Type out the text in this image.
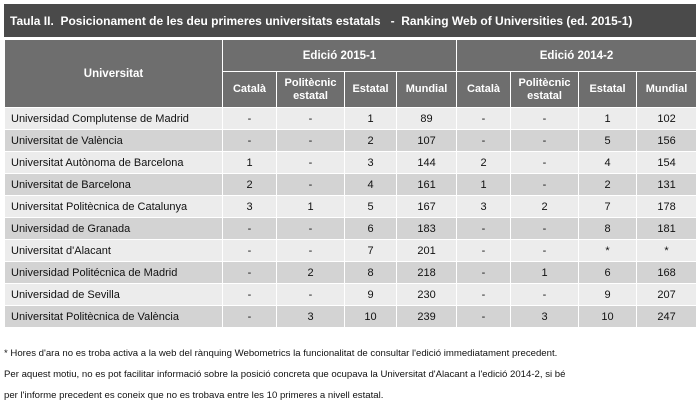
Taula II.  Posicionament de les deu primeres universitats estatals   -  Ranking Web of Universities (ed. 2015-1)
Universitat	Edició 2015-1				Edició 2014-2			
	Català	Politècnic estatal	Estatal	Mundial	Català	Politècnic estatal	Estatal	Mundial
Universidad Complutense de Madrid	-	-	1	89	-	-	1	102
Universitat de València	-	-	2	107	-	-	5	156
Universitat Autònoma de Barcelona	1	-	3	144	2	-	4	154
Universitat de Barcelona	2	-	4	161	1	-	2	131
Universitat Politècnica de Catalunya	3	1	5	167	3	2	7	178
Universidad de Granada	-	-	6	183	-	-	8	181
Universitat d'Alacant	-	-	7	201	-	-	*	*
Universidad Politécnica de Madrid	-	2	8	218	-	1	6	168
Universidad de Sevilla	-	-	9	230	-	-	9	207
Universitat Politècnica de València	-	3	10	239	-	3	10	247

* Hores d'ara no es troba activa a la web del rànquing Webometrics la funcionalitat de consultar l'edició immediatament precedent.

Per aquest motiu, no es pot facilitar informació sobre la posició concreta que ocupava la Universitat d'Alacant a l'edició 2014-2, si bé

per l'informe precedent es coneix que no es trobava entre les 10 primeres a nivell estatal.
